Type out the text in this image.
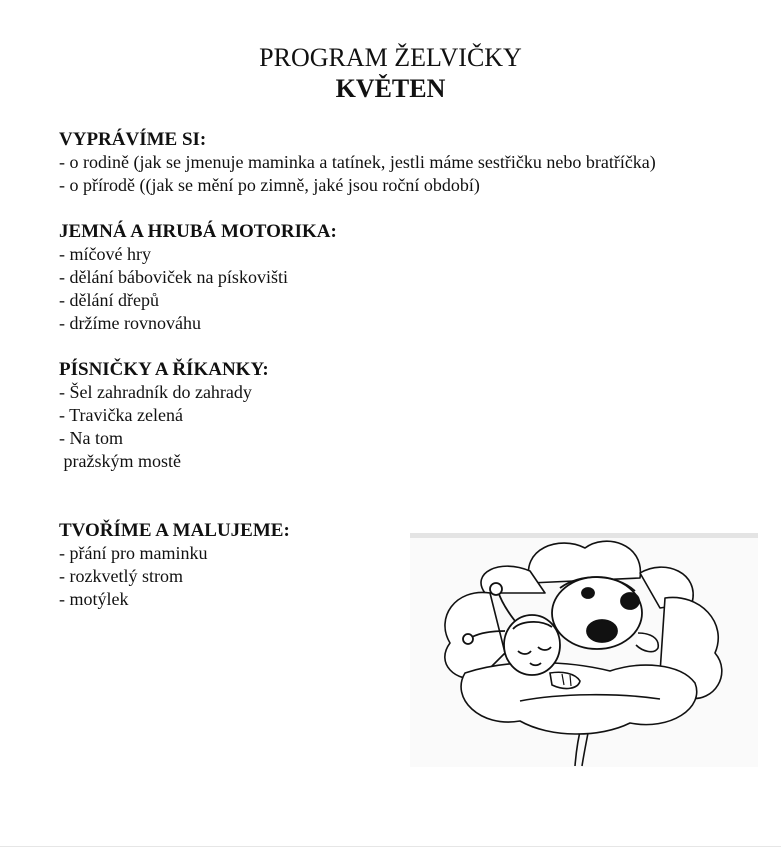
PROGRAM ŽELVIČKY
KVĚTEN
VYPRÁVÍME SI:
- o rodině (jak se jmenuje maminka a tatínek, jestli máme sestřičku nebo bratříčka)
- o přírodě ((jak se mění po zimně, jaké jsou roční období)
JEMNÁ A HRUBÁ MOTORIKA:
- míčové hry
- dělání báboviček na pískovišti
- dělání dřepů
- držíme rovnováhu
PÍSNIČKY A ŘÍKANKY:
- Šel zahradník do zahrady
- Travička zelená
- Na tom
pražským mostě
TVOŘÍME A MALUJEME:
- přání pro maminku
- rozkvetlý strom
- motýlek
